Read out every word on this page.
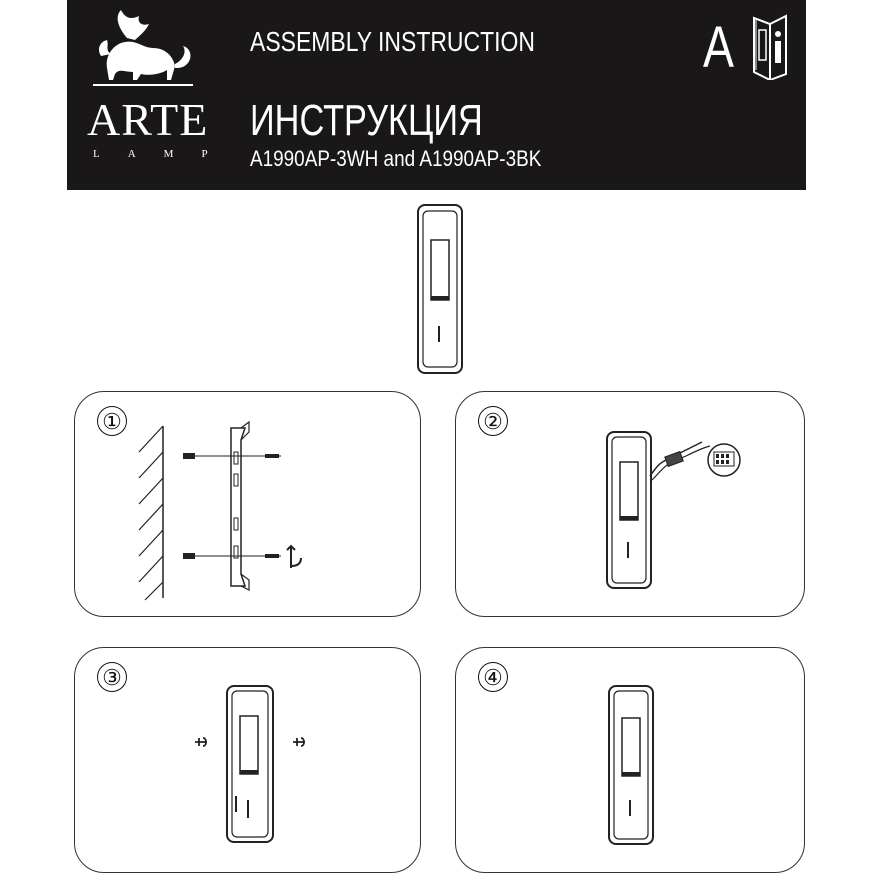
ARTE
LAMP
ASSEMBLY INSTRUCTION
ИНСТРУКЦИЯ
A1990AP-3WH and A1990AP-3BK
A
①	②
③	④
